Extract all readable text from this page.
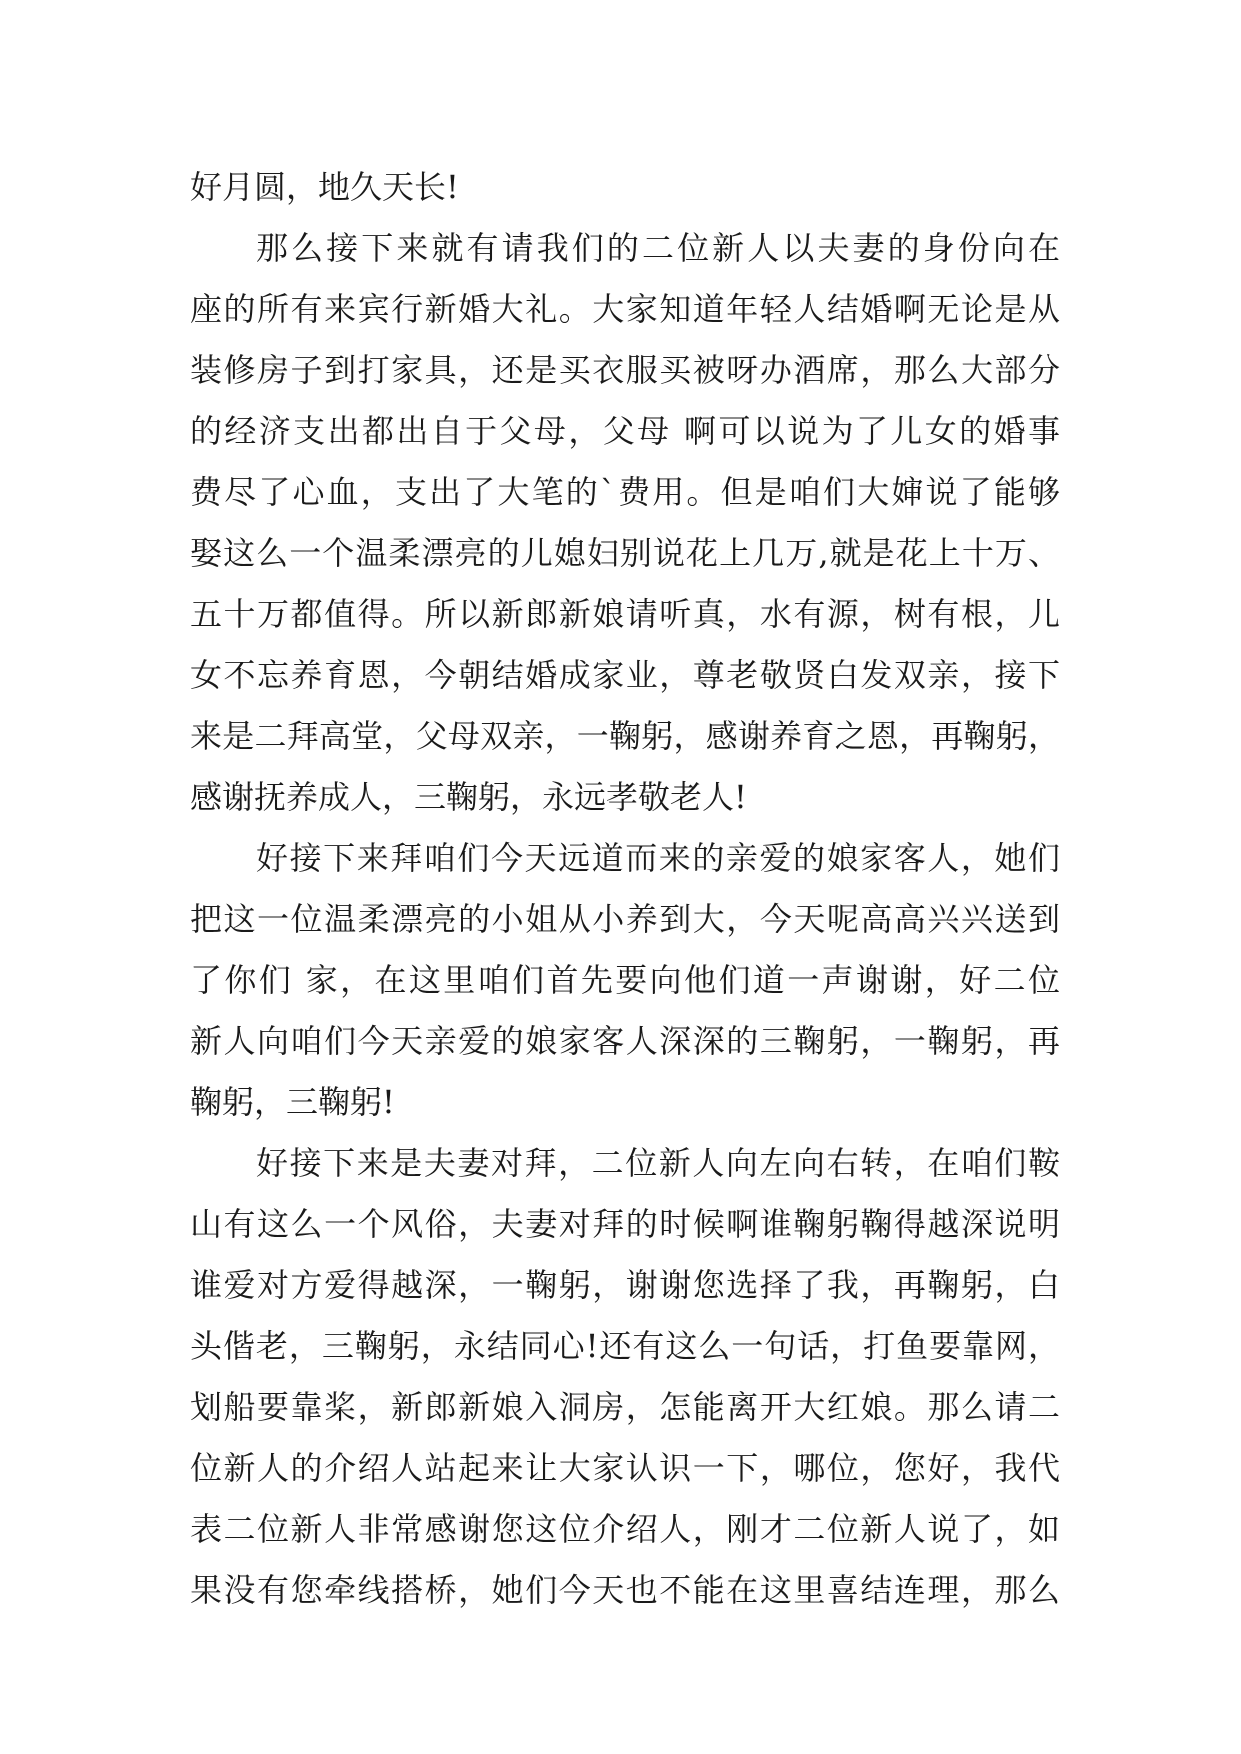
好月圆，地久天长!
那么接下来就有请我们的二位新人以夫妻的身份向在
座的所有来宾行新婚大礼。大家知道年轻人结婚啊无论是从
装修房子到打家具，还是买衣服买被呀办酒席，那么大部分
的经济支出都出自于父母，父母 啊可以说为了儿女的婚事
费尽了心血，支出了大笔的`费用。但是咱们大婶说了能够
娶这么一个温柔漂亮的儿媳妇别说花上几万,就是花上十万、
五十万都值得。所以新郎新娘请听真，水有源，树有根，儿
女不忘养育恩，今朝结婚成家业，尊老敬贤白发双亲，接下
来是二拜高堂，父母双亲，一鞠躬，感谢养育之恩，再鞠躬，
感谢抚养成人，三鞠躬，永远孝敬老人!
好接下来拜咱们今天远道而来的亲爱的娘家客人，她们
把这一位温柔漂亮的小姐从小养到大，今天呢高高兴兴送到
了你们 家，在这里咱们首先要向他们道一声谢谢，好二位
新人向咱们今天亲爱的娘家客人深深的三鞠躬，一鞠躬，再
鞠躬，三鞠躬!
好接下来是夫妻对拜，二位新人向左向右转，在咱们鞍
山有这么一个风俗，夫妻对拜的时候啊谁鞠躬鞠得越深说明
谁爱对方爱得越深，一鞠躬，谢谢您选择了我，再鞠躬，白
头偕老，三鞠躬，永结同心!还有这么一句话，打鱼要靠网，
划船要靠桨，新郎新娘入洞房，怎能离开大红娘。那么请二
位新人的介绍人站起来让大家认识一下，哪位，您好，我代
表二位新人非常感谢您这位介绍人，刚才二位新人说了，如
果没有您牵线搭桥，她们今天也不能在这里喜结连理，那么
